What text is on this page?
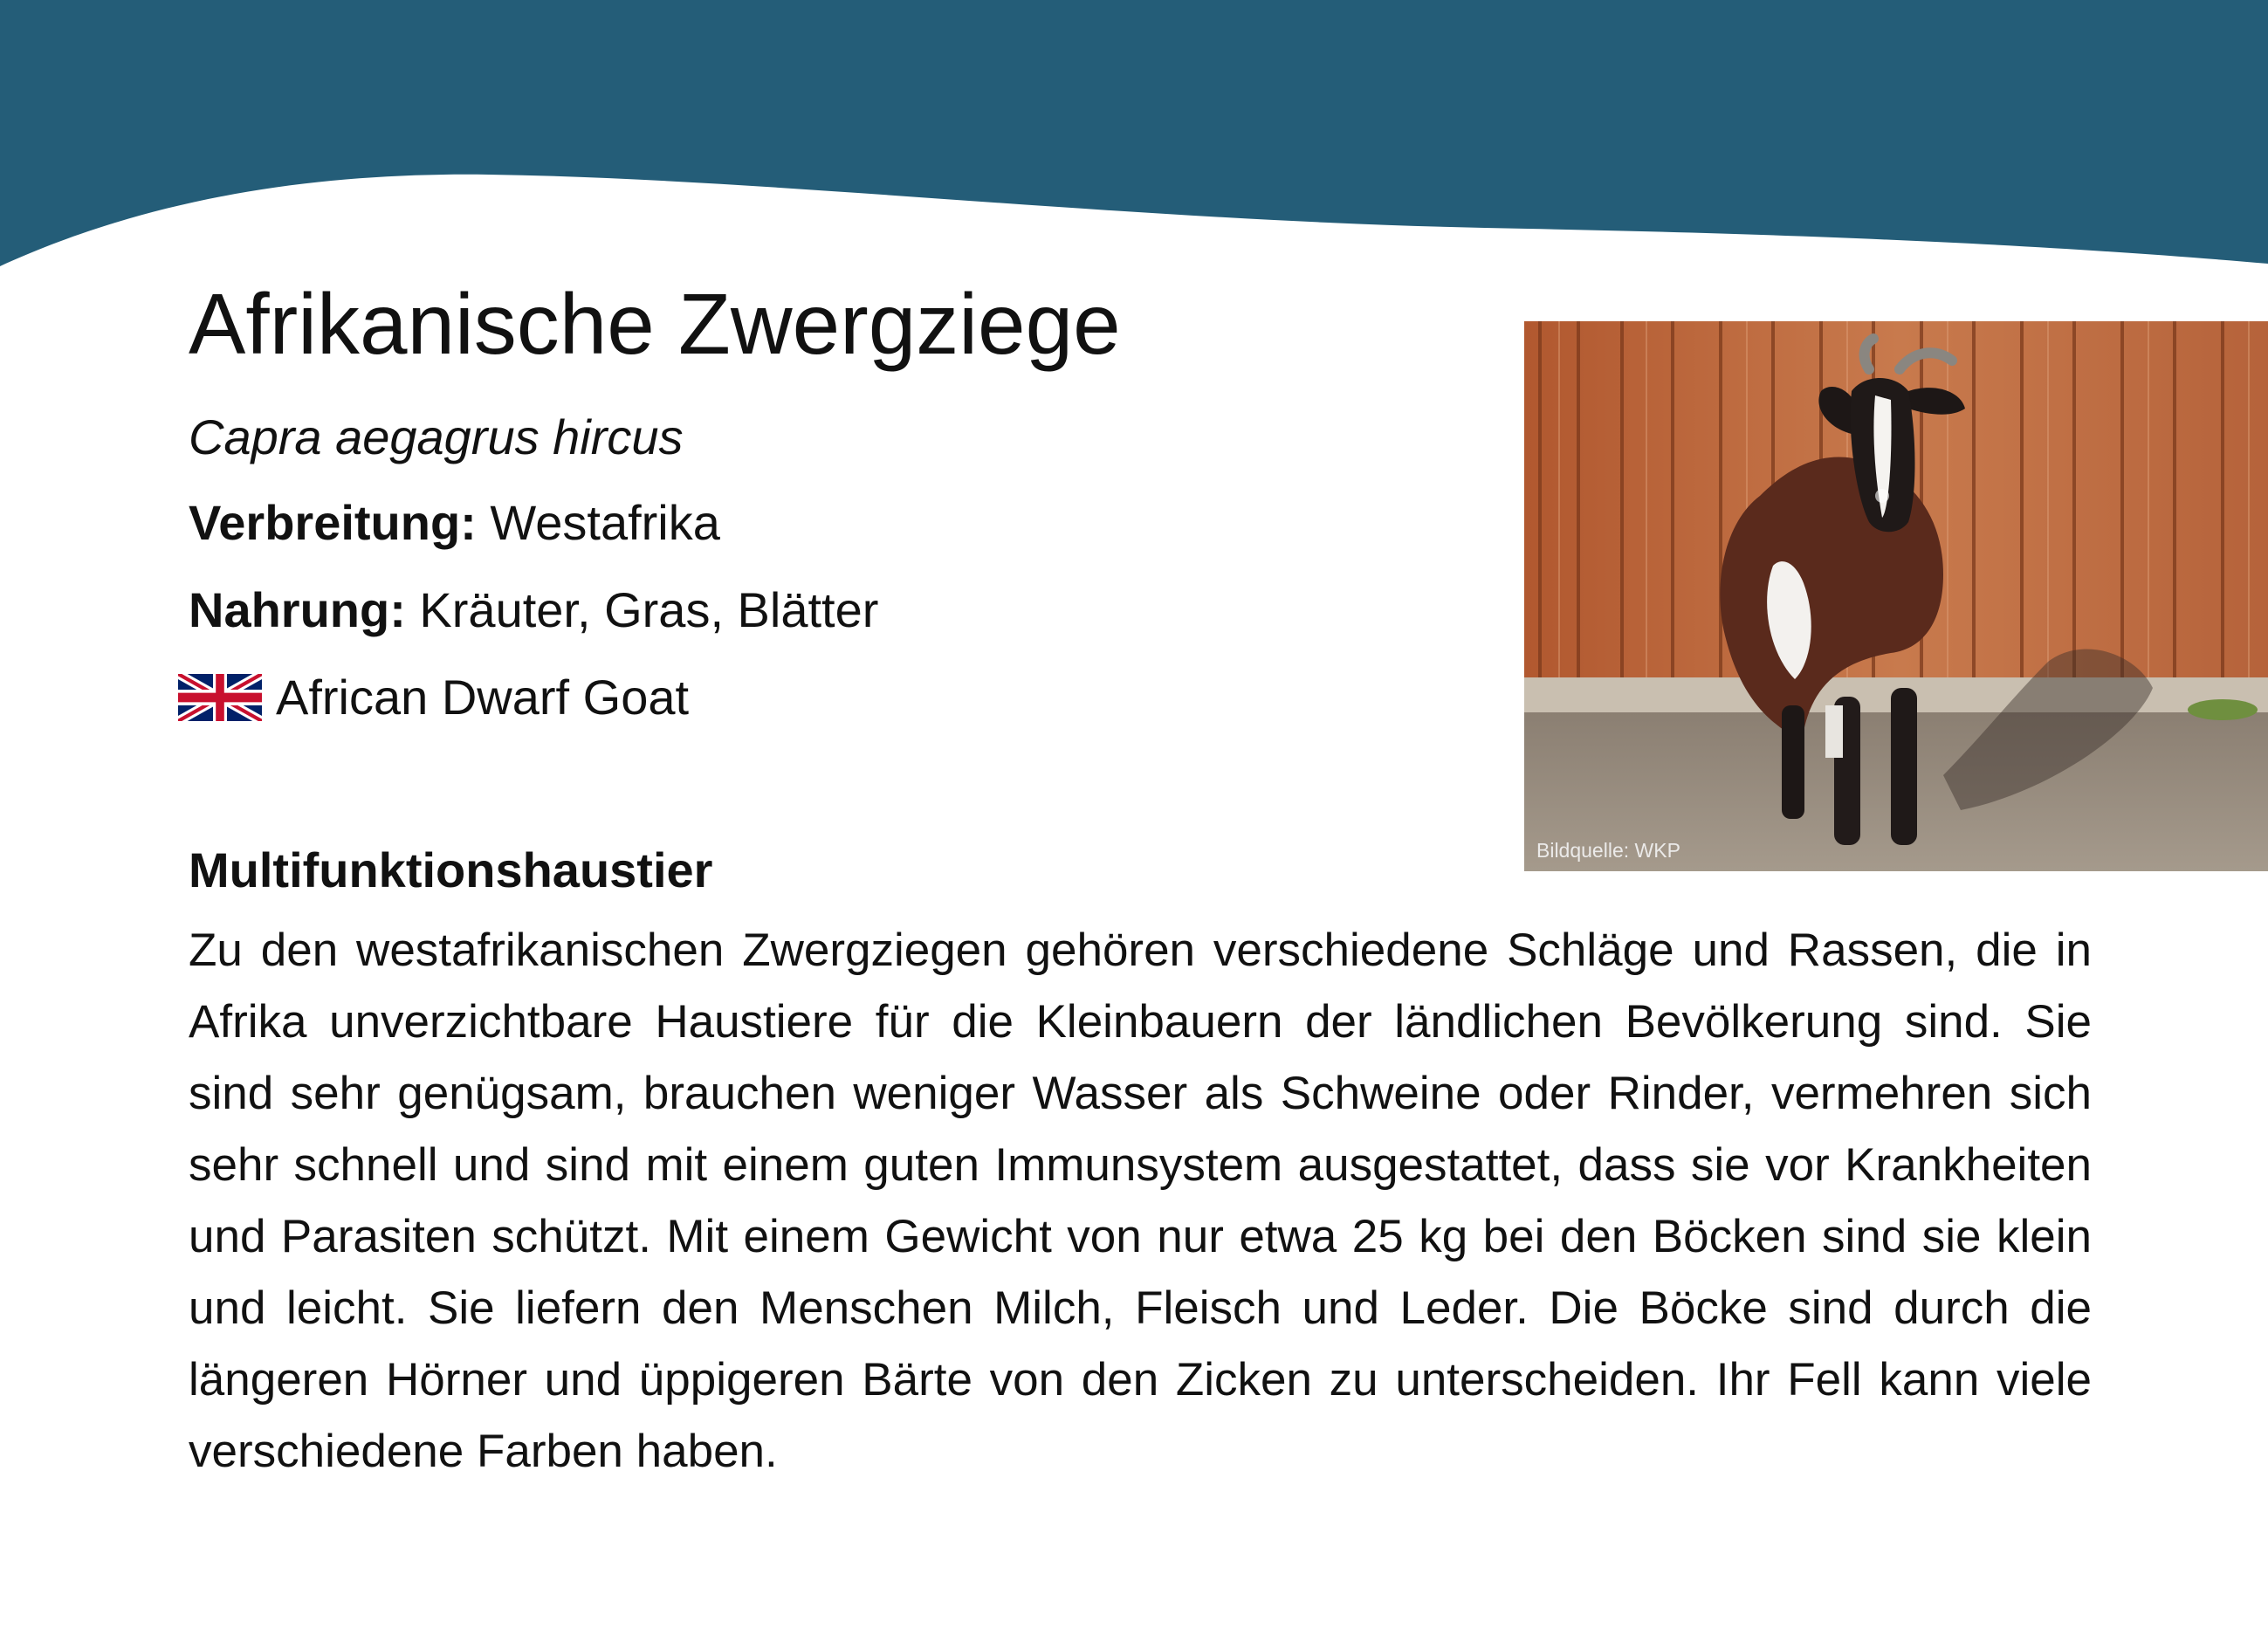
Afrikanische Zwergziege
Capra aegagrus hircus
Verbreitung: Westafrika
Nahrung: Kräuter, Gras, Blätter
African Dwarf Goat
Bildquelle: WKP
Multifunktionshaustier

Zu den westafrikanischen Zwergziegen gehören verschiedene Schläge und Rassen, die in Afrika unverzichtbare Haustiere für die Kleinbauern der ländlichen Bevölkerung sind. Sie sind sehr genügsam, brauchen weniger Wasser als Schweine oder Rinder, vermehren sich sehr schnell und sind mit einem guten Immunsystem ausgestattet, dass sie vor Krankheiten und Parasiten schützt. Mit einem Gewicht von nur etwa 25 kg bei den Böcken sind sie klein und leicht. Sie liefern den Menschen Milch, Fleisch und Leder. Die Böcke sind durch die längeren Hörner und üppigeren Bärte von den Zicken zu unterscheiden. Ihr Fell kann viele verschiedene Farben haben.
